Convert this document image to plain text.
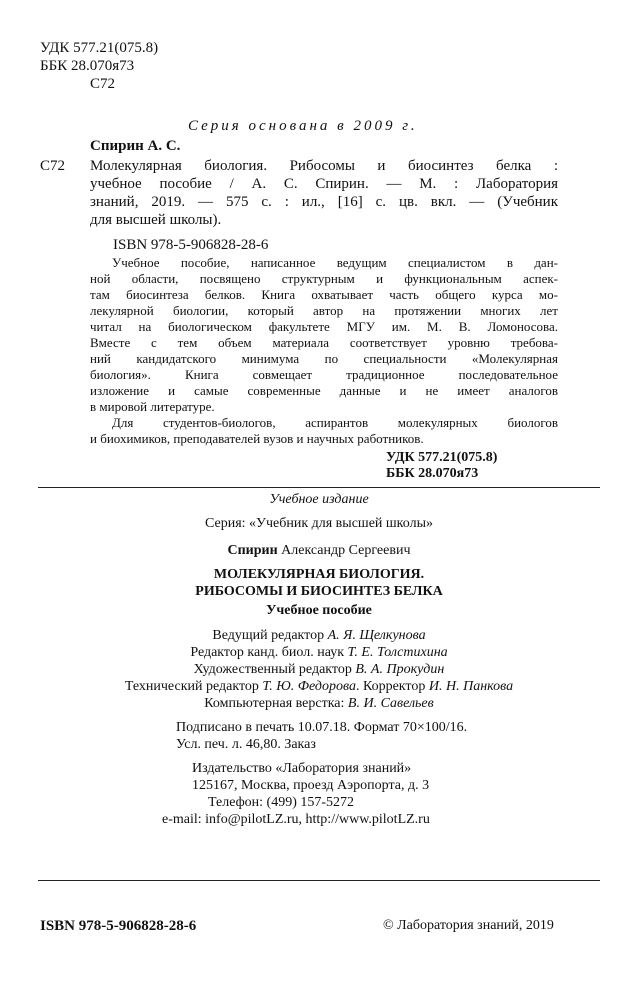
УДК 577.21(075.8)
ББК 28.070я73
С72
Серия основана в 2009 г.
Спирин А. С.
С72 Молекулярная биология. Рибосомы и биосинтез белка :
учебное пособие / А. С. Спирин. — М. : Лаборатория
знаний, 2019. — 575 с. : ил., [16] с. цв. вкл. — (Учебник
для высшей школы).
ISBN 978-5-906828-28-6
Учебное пособие, написанное ведущим специалистом в дан-
ной области, посвящено структурным и функциональным аспек-
там биосинтеза белков. Книга охватывает часть общего курса мо-
лекулярной биологии, который автор на протяжении многих лет
читал на биологическом факультете МГУ им. М. В. Ломоносова.
Вместе с тем объем материала соответствует уровню требова-
ний кандидатского минимума по специальности «Молекулярная
биология». Книга совмещает традиционное последовательное
изложение и самые современные данные и не имеет аналогов
в мировой литературе.
Для студентов-биологов, аспирантов молекулярных биологов
и биохимиков, преподавателей вузов и научных работников.
УДК 577.21(075.8)
ББК 28.070я73
Учебное издание
Серия: «Учебник для высшей школы»
Спирин Александр Сергеевич
МОЛЕКУЛЯРНАЯ БИОЛОГИЯ.
РИБОСОМЫ И БИОСИНТЕЗ БЕЛКА
Учебное пособие
Ведущий редактор А. Я. Щелкунова
Редактор канд. биол. наук Т. Е. Толстихина
Художественный редактор В. А. Прокудин
Технический редактор Т. Ю. Федорова. Корректор И. Н. Панкова
Компьютерная верстка: В. И. Савельев
Подписано в печать 10.07.18. Формат 70×100/16.
Усл. печ. л. 46,80. Заказ
Издательство «Лаборатория знаний»
125167, Москва, проезд Аэропорта, д. 3
Телефон: (499) 157-5272
e-mail: info@pilotLZ.ru, http://www.pilotLZ.ru
ISBN 978-5-906828-28-6	© Лаборатория знаний, 2019
